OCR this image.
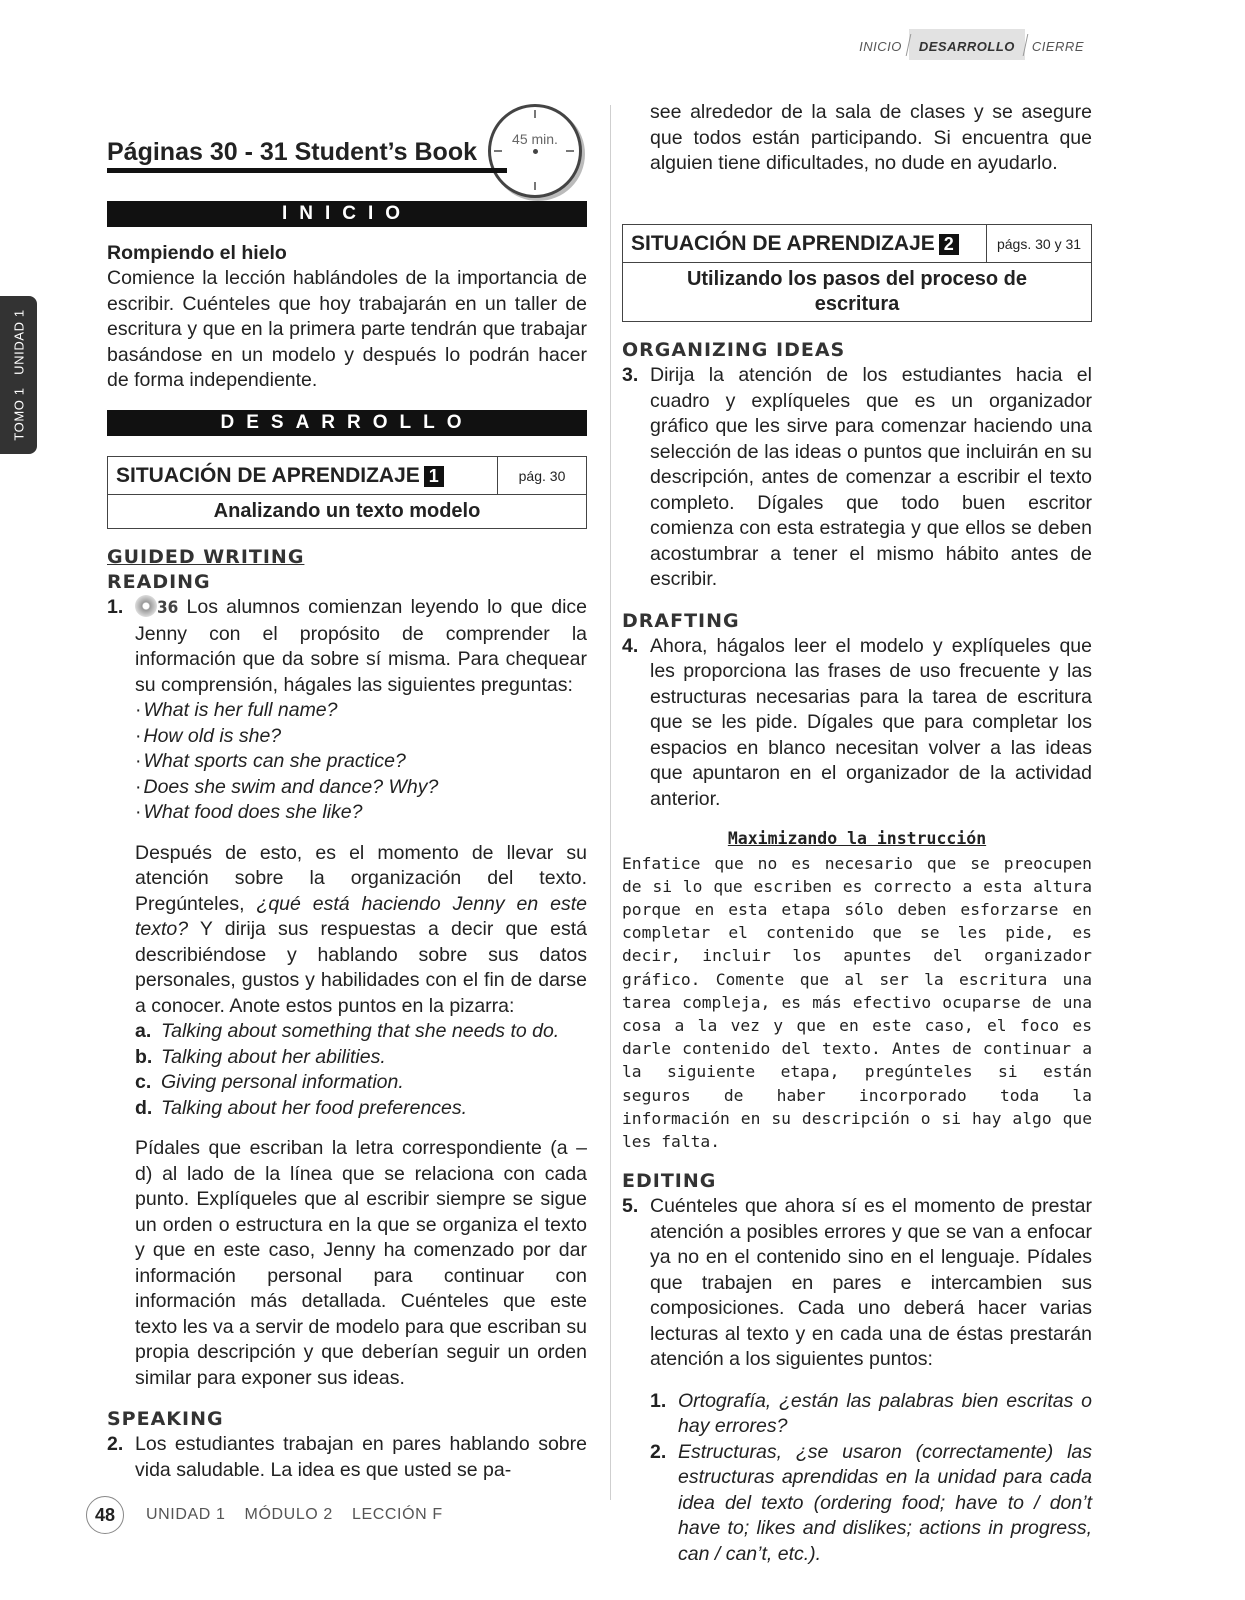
INICIO	DESARROLLO	CIERRE
TOMO 1   UNIDAD 1
45 min.
Páginas 30 - 31 Student’s Book
INICIO

Rompiendo el hielo

Comience la lección hablándoles de la importancia de escribir. Cuénteles que hoy trabajarán en un taller de escritura y que en la primera parte tendrán que trabajar basándose en un modelo y después lo podrán hacer de forma independiente.

DESARROLLO
SITUACIÓN DE APRENDIZAJE 1	pág. 30
Analizando un texto modelo

GUIDED WRITING

READING

1.	36 Los alumnos comienzan leyendo lo que dice Jenny con el propósito de comprender la información que da sobre sí misma. Para chequear su comprensión, hágales las siguientes preguntas:
· What is her full name?
· How old is she?
· What sports can she practice?
· Does she swim and dance? Why?
· What food does she like?

Después de esto, es el momento de llevar su atención sobre la organización del texto. Pregúnteles, ¿qué está haciendo Jenny en este texto? Y dirija sus respuestas a decir que está describiéndose y hablando sobre sus datos personales, gustos y habilidades con el fin de darse a conocer. Anote estos puntos en la pizarra:

a. Talking about something that she needs to do.
b. Talking about her abilities.
c. Giving personal information.
d. Talking about her food preferences.

Pídales que escriban la letra correspondiente (a – d) al lado de la línea que se relaciona con cada punto. Explíqueles que al escribir siempre se sigue un orden o estructura en la que se organiza el texto y que en este caso, Jenny ha comenzado por dar información personal para continuar con información más detallada. Cuénteles que este texto les va a servir de modelo para que escriban su propia descripción y que deberían seguir un orden similar para exponer sus ideas.

SPEAKING

2. Los estudiantes trabajan en pares hablando sobre vida saludable. La idea es que usted se pa-

see alrededor de la sala de clases y se asegure que todos están participando. Si encuentra que alguien tiene dificultades, no dude en ayudarlo.

SITUACIÓN DE APRENDIZAJE 2	págs. 30 y 31
Utilizando los pasos del proceso de escritura

ORGANIZING IDEAS

3. Dirija la atención de los estudiantes hacia el cuadro y explíqueles que es un organizador gráfico que les sirve para comenzar haciendo una selección de las ideas o puntos que incluirán en su descripción, antes de comenzar a escribir el texto completo. Dígales que todo buen escritor comienza con esta estrategia y que ellos se deben acostumbrar a tener el mismo hábito antes de escribir.

DRAFTING

4. Ahora, hágalos leer el modelo y explíqueles que les proporciona las frases de uso frecuente y las estructuras necesarias para la tarea de escritura que se les pide. Dígales que para completar los espacios en blanco necesitan volver a las ideas que apuntaron en el organizador de la actividad anterior.

Maximizando la instrucción

Enfatice que no es necesario que se preocupen de si lo que escriben es correcto a esta altura porque en esta etapa sólo deben esforzarse en completar el contenido que se les pide, es decir, incluir los apuntes del organizador gráfico. Comente que al ser la escritura una tarea compleja, es más efectivo ocuparse de una cosa a la vez y que en este caso, el foco es darle contenido del texto. Antes de continuar a la siguiente etapa, pregúnteles si están seguros de haber incorporado toda la información en su descripción o si hay algo que les falta.

EDITING

5. Cuénteles que ahora sí es el momento de prestar atención a posibles errores y que se van a enfocar ya no en el contenido sino en el lenguaje. Pídales que trabajen en pares e intercambien sus composiciones. Cada uno deberá hacer varias lecturas al texto y en cada una de éstas prestarán atención a los siguientes puntos:

1. Ortografía, ¿están las palabras bien escritas o hay errores?
2. Estructuras, ¿se usaron (correctamente) las estructuras aprendidas en la unidad para cada idea del texto (ordering food; have to / don’t have to; likes and dislikes; actions in progress, can / can’t, etc.).
48	UNIDAD 1 MÓDULO 2 LECCIÓN F
